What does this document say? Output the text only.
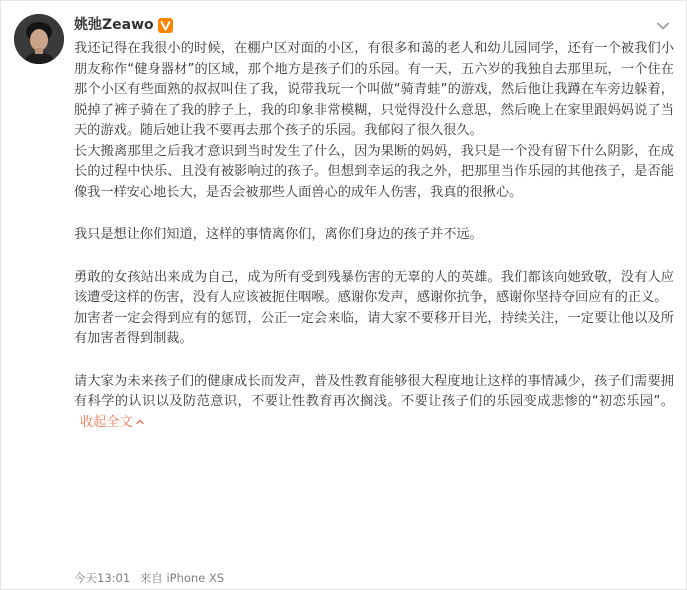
姚弛Zeawo

我还记得在我很小的时候，在棚户区对面的小区，有很多和蔼的老人和幼儿园同学，还有一个被我们小朋友称作“健身器材”的区域，那个地方是孩子们的乐园。有一天，五六岁的我独自去那里玩，一个住在那个小区有些面熟的叔叔叫住了我，说带我玩一个叫做“骑青蛙”的游戏，然后他让我蹲在车旁边躲着，脱掉了裤子骑在了我的脖子上，我的印象非常模糊，只觉得没什么意思，然后晚上在家里跟妈妈说了当天的游戏。随后她让我不要再去那个孩子的乐园。我郁闷了很久很久。

长大搬离那里之后我才意识到当时发生了什么，因为果断的妈妈，我只是一个没有留下什么阴影，在成长的过程中快乐、且没有被影响过的孩子。但想到幸运的我之外，把那里当作乐园的其他孩子，是否能像我一样安心地长大，是否会被那些人面兽心的成年人伤害，我真的很揪心。

我只是想让你们知道，这样的事情离你们，离你们身边的孩子并不远。

勇敢的女孩站出来成为自己，成为所有受到残暴伤害的无辜的人的英雄。我们都该向她致敬，没有人应该遭受这样的伤害，没有人应该被扼住咽喉。感谢你发声，感谢你抗争，感谢你坚持夺回应有的正义。

加害者一定会得到应有的惩罚，公正一定会来临，请大家不要移开目光，持续关注，一定要让他以及所有加害者得到制裁。

请大家为未来孩子们的健康成长而发声，普及性教育能够很大程度地让这样的事情减少，孩子们需要拥有科学的认识以及防范意识，不要让性教育再次搁浅。不要让孩子们的乐园变成悲惨的“初恋乐园”。收起全文

今天13:01 来自 iPhone XS
